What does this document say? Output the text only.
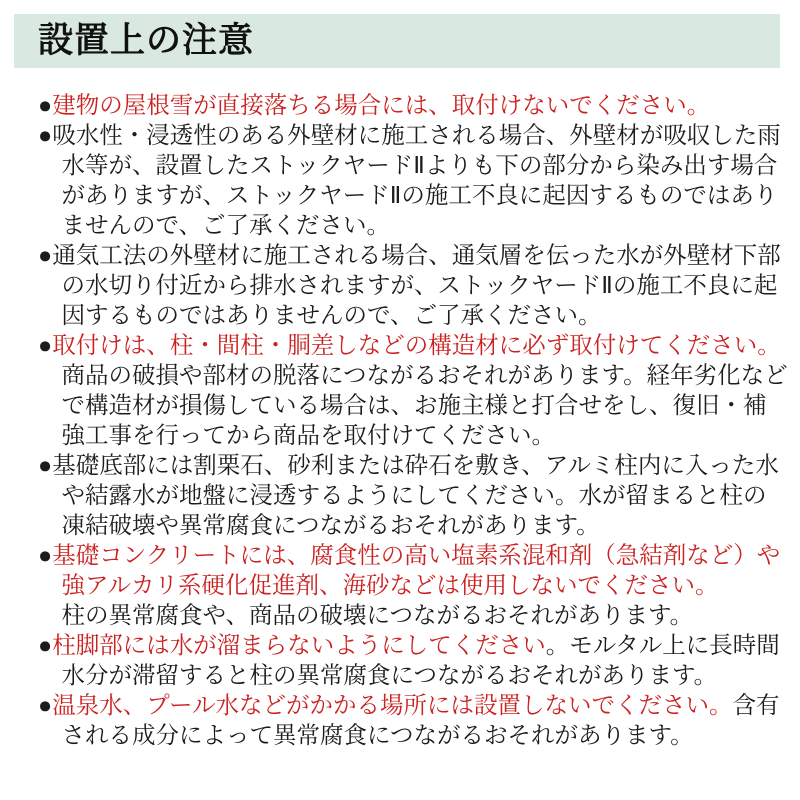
設置上の注意

●建物の屋根雪が直接落ちる場合には、取付けないでください。

●吸水性・浸透性のある外壁材に施工される場合、外壁材が吸収した雨水等が、設置したストックヤードⅡよりも下の部分から染み出す場合がありますが、ストックヤードⅡの施工不良に起因するものではありませんので、ご了承ください。

●通気工法の外壁材に施工される場合、通気層を伝った水が外壁材下部の水切り付近から排水されますが、ストックヤードⅡの施工不良に起因するものではありませんので、ご了承ください。

●取付けは、柱・間柱・胴差しなどの構造材に必ず取付けてください。
商品の破損や部材の脱落につながるおそれがあります。経年劣化などで構造材が損傷している場合は、お施主様と打合せをし、復旧・補強工事を行ってから商品を取付けてください。

●基礎底部には割栗石、砂利または砕石を敷き、アルミ柱内に入った水や結露水が地盤に浸透するようにしてください。水が留まると柱の凍結破壊や異常腐食につながるおそれがあります。

●基礎コンクリートには、腐食性の高い塩素系混和剤（急結剤など）や強アルカリ系硬化促進剤、海砂などは使用しないでください。
柱の異常腐食や、商品の破壊につながるおそれがあります。

●柱脚部には水が溜まらないようにしてください。モルタル上に長時間水分が滞留すると柱の異常腐食につながるおそれがあります。

●温泉水、プール水などがかかる場所には設置しないでください。含有される成分によって異常腐食につながるおそれがあります。
